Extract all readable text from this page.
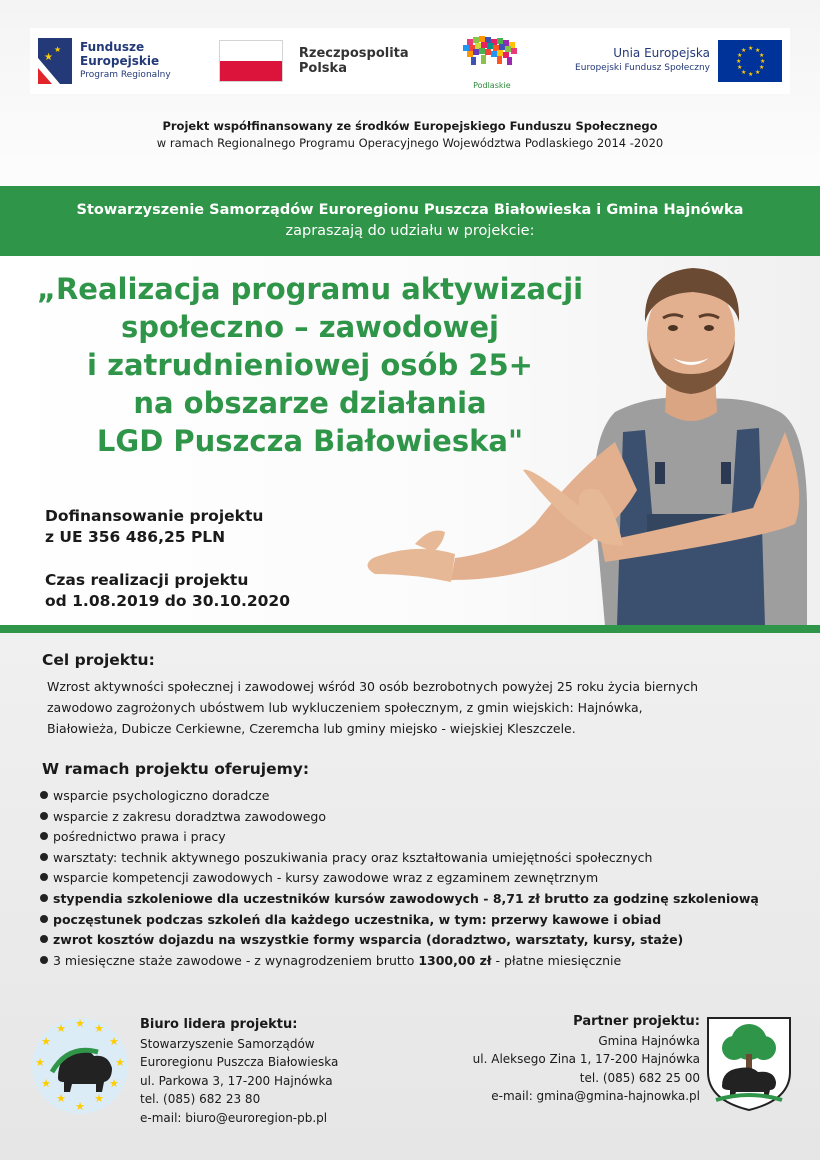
★
★ Fundusze
Europejskie
Program Regionalny
Rzeczpospolita
Polska
Podlaskie
Unia Europejska
Europejski Fundusz Społeczny
★ ★
★
★
★
★
★
★
★
★
★
★
Projekt współfinansowany ze środków Europejskiego Funduszu Społecznego
w ramach Regionalnego Programu Operacyjnego Województwa Podlaskiego 2014 -2020
Stowarzyszenie Samorządów Euroregionu Puszcza Białowieska i Gmina Hajnówka
zapraszają do udziału w projekcie:
„Realizacja programu aktywizacji
społeczno – zawodowej
i zatrudnieniowej osób 25+
na obszarze działania
LGD Puszcza Białowieska"
Dofinansowanie projektu
z UE 356 486,25 PLN
Czas realizacji projektu
od 1.08.2019 do 30.10.2020
Cel projektu:
Wzrost aktywności społecznej i zawodowej wśród 30 osób bezrobotnych powyżej 25 roku życia biernych
zawodowo zagrożonych ubóstwem lub wykluczeniem społecznym, z gmin wiejskich: Hajnówka,
Białowieża, Dubicze Cerkiewne, Czeremcha lub gminy miejsko - wiejskiej Kleszczele.
W ramach projektu oferujemy:
wsparcie psychologiczno doradcze
wsparcie z zakresu doradztwa zawodowego
pośrednictwo prawa i pracy
warsztaty: technik aktywnego poszukiwania pracy oraz kształtowania umiejętności społecznych
wsparcie kompetencji zawodowych - kursy zawodowe wraz z egzaminem zewnętrznym
stypendia szkoleniowe dla uczestników kursów zawodowych - 8,71 zł brutto za godzinę szkoleniową
poczęstunek podczas szkoleń dla każdego uczestnika, w tym: przerwy kawowe i obiad
zwrot kosztów dojazdu na wszystkie formy wsparcia (doradztwo, warsztaty, kursy, staże)
3 miesięczne staże zawodowe - z wynagrodzeniem brutto 1300,00 zł - płatne miesięcznie
★ ★
★
★
★
★
★
★
★
★
★
★	Biuro lidera projektu:
Stowarzyszenie Samorządów
Euroregionu Puszcza Białowieska
ul. Parkowa 3, 17-200 Hajnówka
tel. (085) 682 23 80
e-mail: biuro@euroregion-pb.pl
Partner projektu:
Gmina Hajnówka
ul. Aleksego Zina 1, 17-200 Hajnówka
tel. (085) 682 25 00
e-mail: gmina@gmina-hajnowka.pl
